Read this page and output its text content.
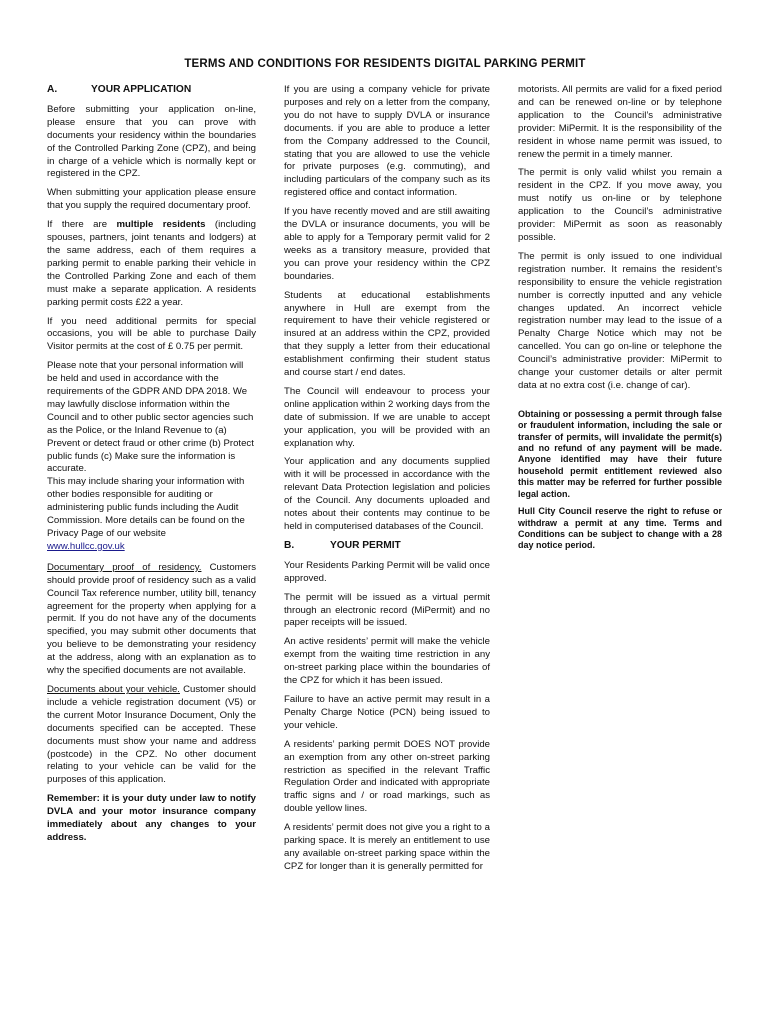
TERMS AND CONDITIONS FOR RESIDENTS DIGITAL PARKING PERMIT
A.	YOUR APPLICATION

Before submitting your application on-line, please ensure that you can prove with documents your residency within the boundaries of the Controlled Parking Zone (CPZ), and being in charge of a vehicle which is normally kept or registered in the CPZ.

When submitting your application please ensure that you supply the required documentary proof.

If there are multiple residents (including spouses, partners, joint tenants and lodgers) at the same address, each of them requires a parking permit to enable parking their vehicle in the Controlled Parking Zone and each of them must make a separate application. A residents parking permit costs £22 a year.

If you need additional permits for special occasions, you will be able to purchase Daily Visitor permits at the cost of £ 0.75 per permit.

Please note that your personal information will be held and used in accordance with the requirements of the GDPR AND DPA 2018. We may lawfully disclose information within the Council and to other public sector agencies such as the Police, or the Inland Revenue to (a) Prevent or detect fraud or other crime (b) Protect public funds (c) Make sure the information is accurate.

This may include sharing your information with other bodies responsible for auditing or administering public funds including the Audit Commission. More details can be found on the Privacy Page of our website

www.hullcc.gov.uk

Documentary proof of residency. Customers should provide proof of residency such as a valid Council Tax reference number, utility bill, tenancy agreement for the property when applying for a permit. If you do not have any of the documents specified, you may submit other documents that you believe to be demonstrating your residency at the address, along with an explanation as to why the specified documents are not available.

Documents about your vehicle. Customer should include a vehicle registration document (V5) or the current Motor Insurance Document, Only the documents specified can be accepted. These documents must show your name and address (postcode) in the CPZ. No other document relating to your vehicle can be valid for the purposes of this application.

Remember: it is your duty under law to notify DVLA and your motor insurance company immediately about any changes to your address.

If you are using a company vehicle for private purposes and rely on a letter from the company, you do not have to supply DVLA or insurance documents. if you are able to produce a letter from the Company addressed to the Council, stating that you are allowed to use the vehicle for private purposes (e.g. commuting), and including particulars of the company such as its registered office and contact information.

If you have recently moved and are still awaiting the DVLA or insurance documents, you will be able to apply for a Temporary permit valid for 2 weeks as a transitory measure, provided that you can prove your residency within the CPZ boundaries.

Students at educational establishments anywhere in Hull are exempt from the requirement to have their vehicle registered or insured at an address within the CPZ, provided that they supply a letter from their educational establishment confirming their student status and course start / end dates.

The Council will endeavour to process your online application within 2 working days from the date of submission. If we are unable to accept your application, you will be provided with an explanation why.

Your application and any documents supplied with it will be processed in accordance with the relevant Data Protection legislation and policies of the Council. Any documents uploaded and notes about their contents may continue to be held in computerised databases of the Council.

B.	YOUR PERMIT

Your Residents Parking Permit will be valid once approved.

The permit will be issued as a virtual permit through an electronic record (MiPermit) and no paper receipts will be issued.

An active residents’ permit will make the vehicle exempt from the waiting time restriction in any on-street parking place within the boundaries of the CPZ for which it has been issued.

Failure to have an active permit may result in a Penalty Charge Notice (PCN) being issued to your vehicle.

A residents’ parking permit DOES NOT provide an exemption from any other on-street parking restriction as specified in the relevant Traffic Regulation Order and indicated with appropriate traffic signs and / or road markings, such as double yellow lines.

A residents’ permit does not give you a right to a parking space. It is merely an entitlement to use any available on-street parking space within the CPZ for longer than it is generally permitted for

motorists. All permits are valid for a fixed period and can be renewed on-line or by telephone application to the Council’s administrative provider: MiPermit. It is the responsibility of the resident in whose name permit was issued, to renew the permit in a timely manner.

The permit is only valid whilst you remain a resident in the CPZ. If you move away, you must notify us on-line or by telephone application to the Council’s administrative provider: MiPermit as soon as reasonably possible.

The permit is only issued to one individual registration number. It remains the resident’s responsibility to ensure the vehicle registration number is correctly inputted and any vehicle changes updated. An incorrect vehicle registration number may lead to the issue of a Penalty Charge Notice which may not be cancelled. You can go on-line or telephone the Council’s administrative provider: MiPermit to change your customer details or alter permit data at no extra cost (i.e. change of car).

Obtaining or possessing a permit through false or fraudulent information, including the sale or transfer of permits, will invalidate the permit(s) and no refund of any payment will be made. Anyone identified may have their future household permit entitlement reviewed also this matter may be referred for further possible legal action.

Hull City Council reserve the right to refuse or withdraw a permit at any time. Terms and Conditions can be subject to change with a 28 day notice period.
